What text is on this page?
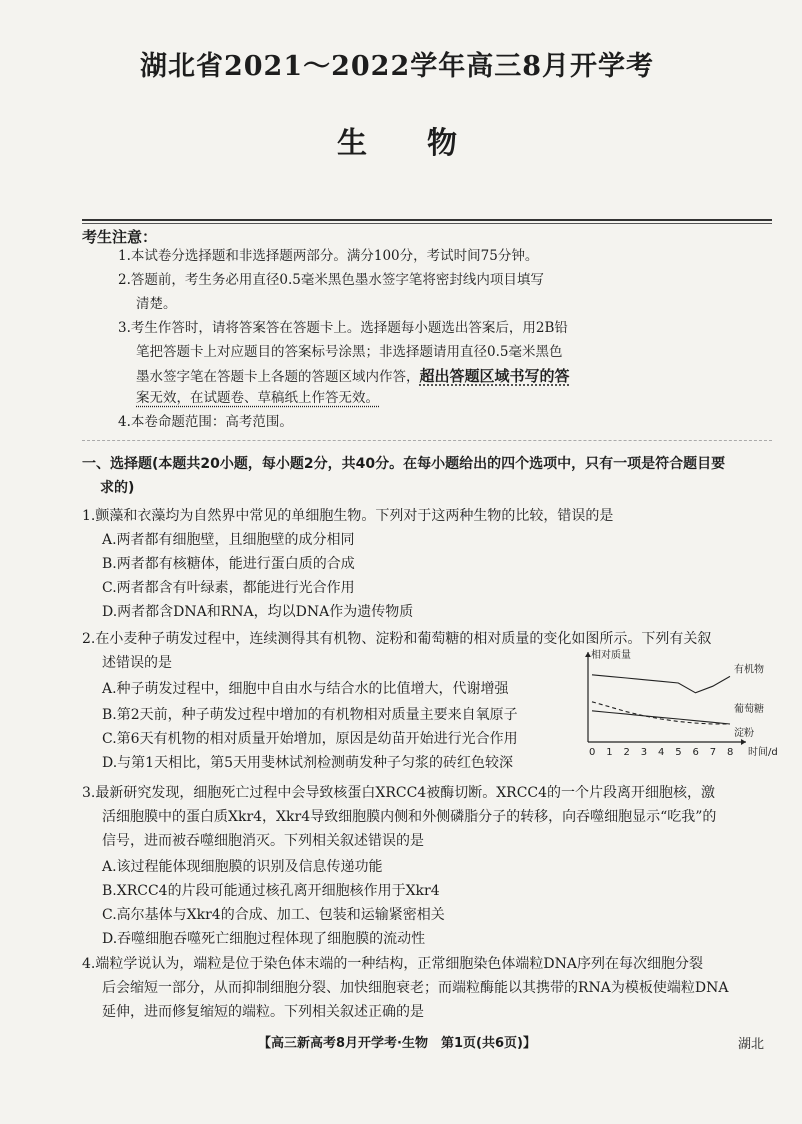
湖北省2021～2022学年高三8月开学考
生物
考生注意：
1.本试卷分选择题和非选择题两部分。满分100分，考试时间75分钟。
2.答题前，考生务必用直径0.5毫米黑色墨水签字笔将密封线内项目填写
清楚。
3.考生作答时，请将答案答在答题卡上。选择题每小题选出答案后，用2B铅
笔把答题卡上对应题目的答案标号涂黑；非选择题请用直径0.5毫米黑色
墨水签字笔在答题卡上各题的答题区域内作答，超出答题区域书写的答
案无效，在试题卷、草稿纸上作答无效。
4.本卷命题范围：高考范围。
一、选择题(本题共20小题，每小题2分，共40分。在每小题给出的四个选项中，只有一项是符合题目要
求的)
1.颤藻和衣藻均为自然界中常见的单细胞生物。下列对于这两种生物的比较，错误的是
A.两者都有细胞壁，且细胞壁的成分相同
B.两者都有核糖体，能进行蛋白质的合成
C.两者都含有叶绿素，都能进行光合作用
D.两者都含DNA和RNA，均以DNA作为遗传物质
2.在小麦种子萌发过程中，连续测得其有机物、淀粉和葡萄糖的相对质量的变化如图所示。下列有关叙
述错误的是
A.种子萌发过程中，细胞中自由水与结合水的比值增大，代谢增强
B.第2天前，种子萌发过程中增加的有机物相对质量主要来自氧原子
C.第6天有机物的相对质量开始增加，原因是幼苗开始进行光合作用
D.与第1天相比，第5天用斐林试剂检测萌发种子匀浆的砖红色较深
相对质量
时间/d
0 1 2 3 4 5 6 7 8
有机物
葡萄糖
淀粉
3.最新研究发现，细胞死亡过程中会导致核蛋白XRCC4被酶切断。XRCC4的一个片段离开细胞核，激
活细胞膜中的蛋白质Xkr4，Xkr4导致细胞膜内侧和外侧磷脂分子的转移，向吞噬细胞显示“吃我”的
信号，进而被吞噬细胞消灭。下列相关叙述错误的是
A.该过程能体现细胞膜的识别及信息传递功能
B.XRCC4的片段可能通过核孔离开细胞核作用于Xkr4
C.高尔基体与Xkr4的合成、加工、包装和运输紧密相关
D.吞噬细胞吞噬死亡细胞过程体现了细胞膜的流动性
4.端粒学说认为，端粒是位于染色体末端的一种结构，正常细胞染色体端粒DNA序列在每次细胞分裂
后会缩短一部分，从而抑制细胞分裂、加快细胞衰老；而端粒酶能以其携带的RNA为模板使端粒DNA
延伸，进而修复缩短的端粒。下列相关叙述正确的是
【高三新高考8月开学考·生物　第1页(共6页)】	湖北
